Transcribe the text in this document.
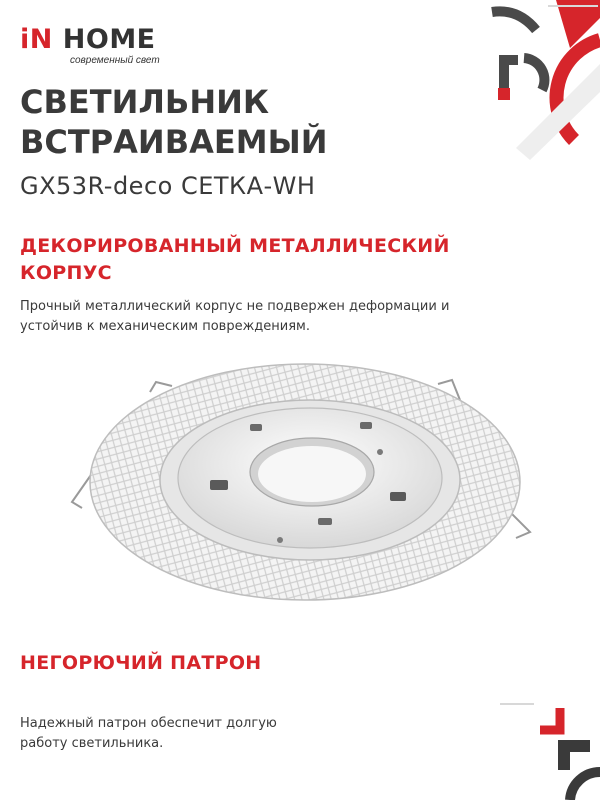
iN HOME
современный свет
СВЕТИЛЬНИК ВСТРАИВАЕМЫЙ
GX53R-deco СЕТКА-WH
ДЕКОРИРОВАННЫЙ МЕТАЛЛИЧЕСКИЙ КОРПУС
Прочный металлический корпус не подвержен деформации и устойчив к механическим повреждениям.
НЕГОРЮЧИЙ ПАТРОН
Надежный патрон обеспечит долгую работу светильника.
